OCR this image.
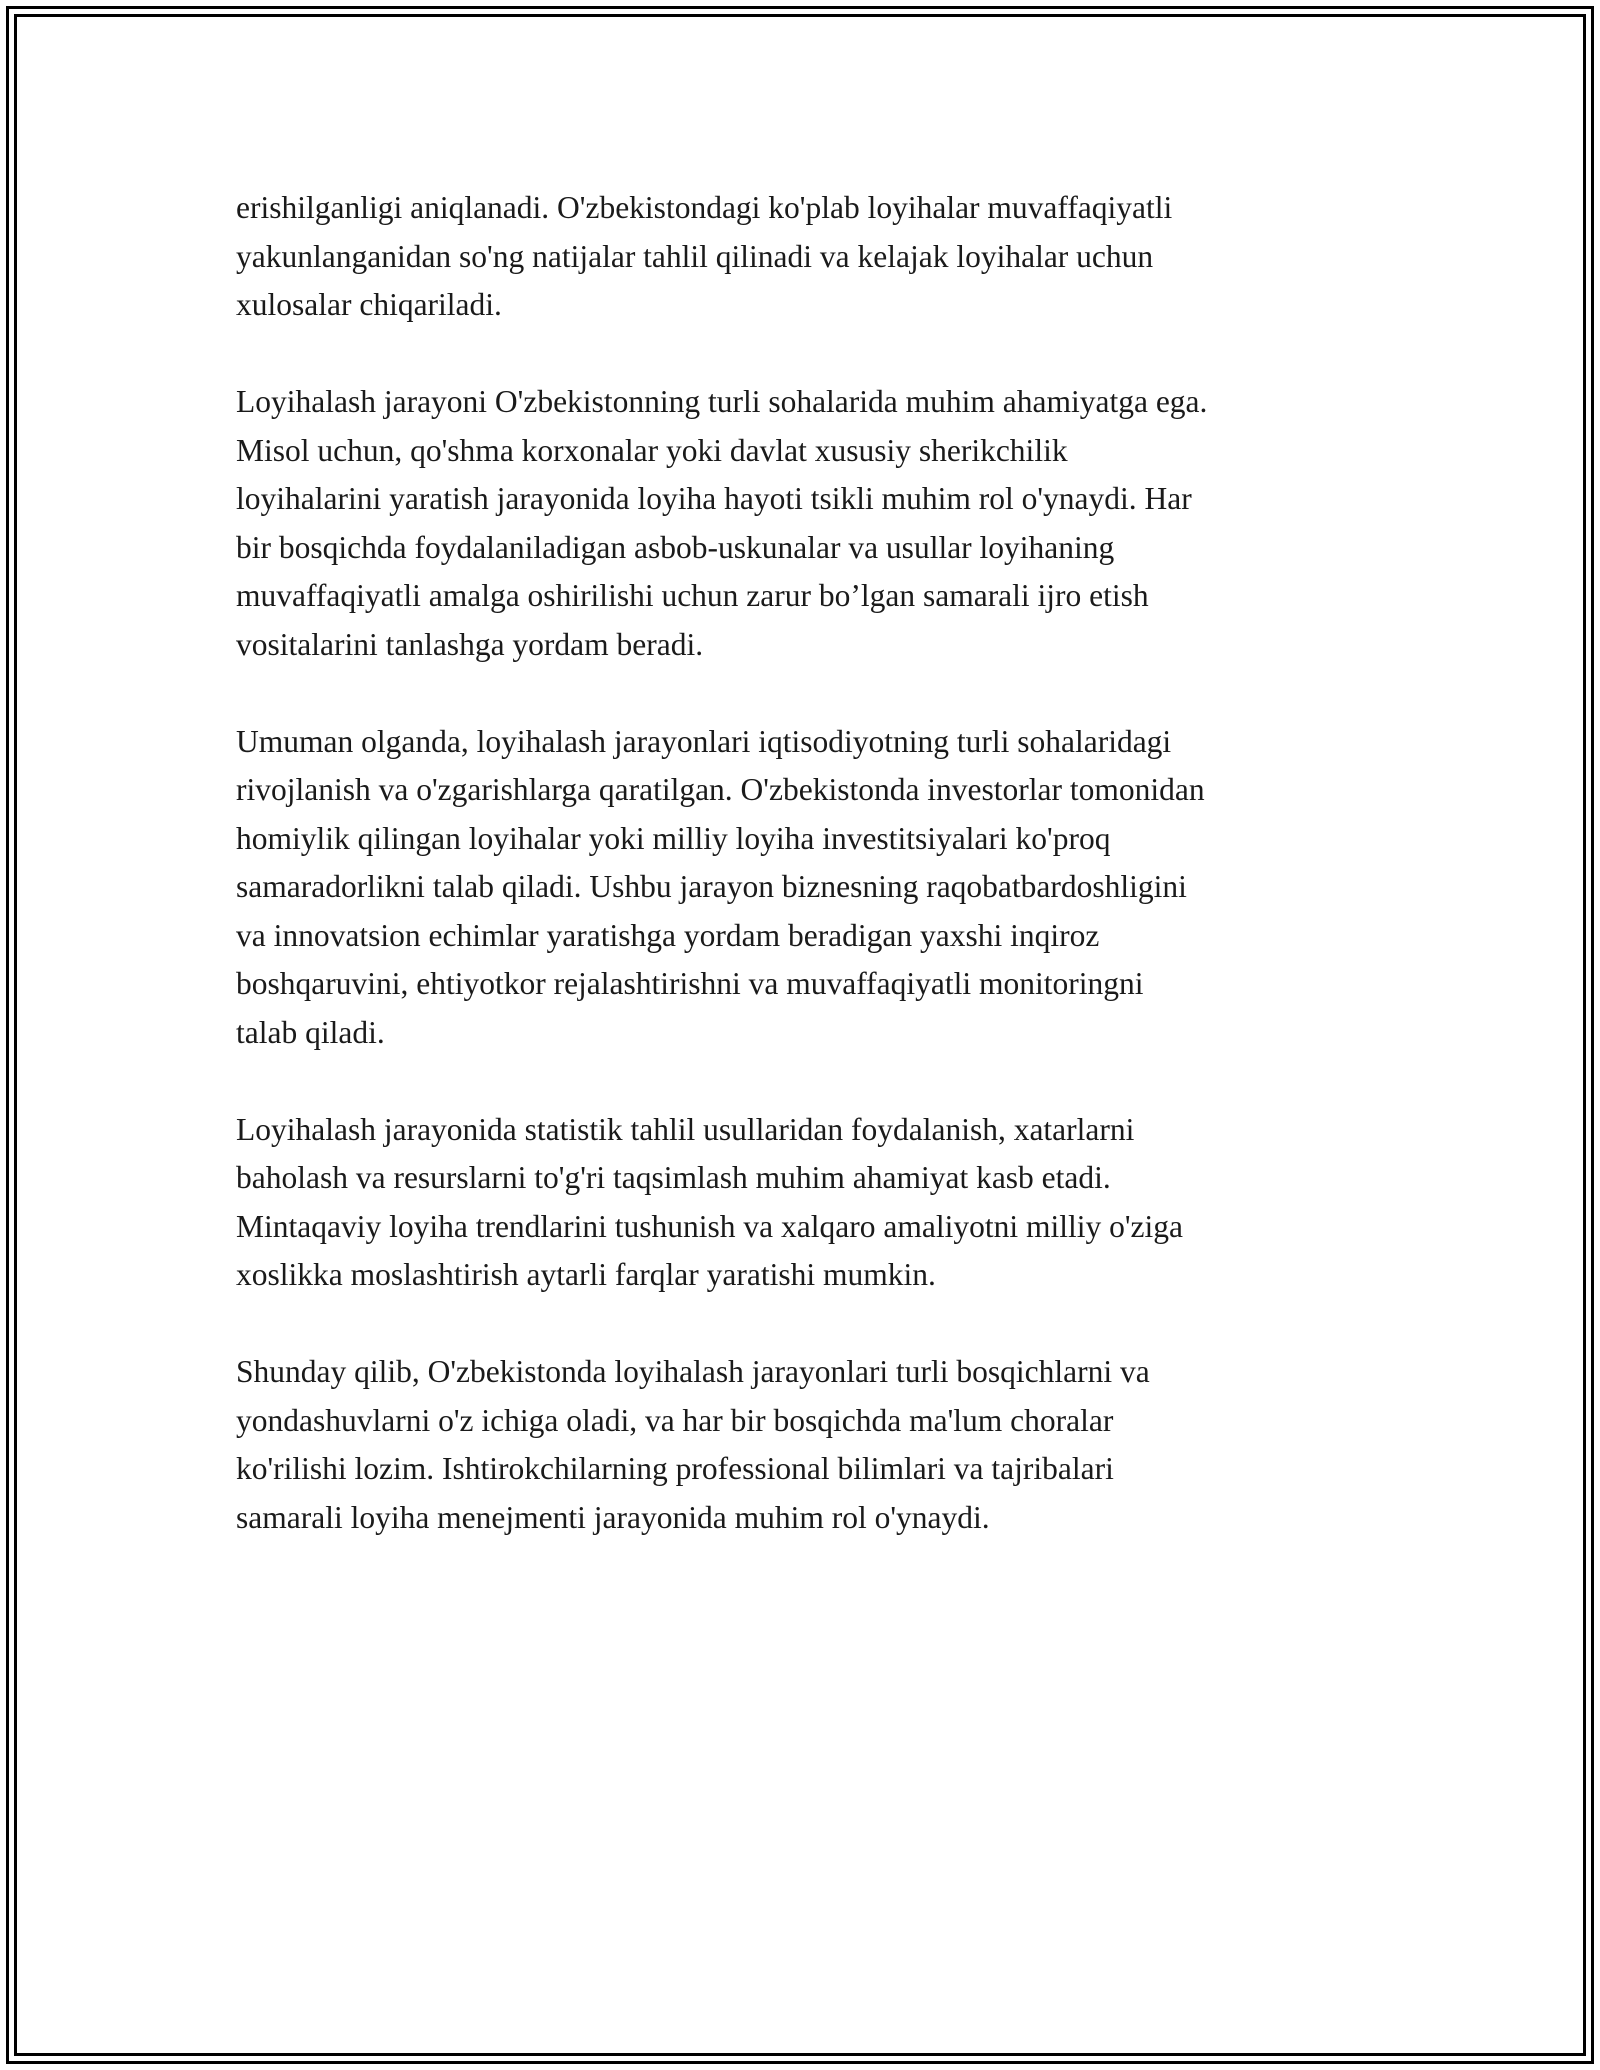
erishilganligi aniqlanadi. O'zbekistondagi ko'plab loyihalar muvaffaqiyatli
yakunlanganidan so'ng natijalar tahlil qilinadi va kelajak loyihalar uchun
xulosalar chiqariladi.

Loyihalash jarayoni O'zbekistonning turli sohalarida muhim ahamiyatga ega.
Misol uchun, qo'shma korxonalar yoki davlat xususiy sherikchilik
loyihalarini yaratish jarayonida loyiha hayoti tsikli muhim rol o'ynaydi. Har
bir bosqichda foydalaniladigan asbob-uskunalar va usullar loyihaning
muvaffaqiyatli amalga oshirilishi uchun zarur bo’lgan samarali ijro etish
vositalarini tanlashga yordam beradi.

Umuman olganda, loyihalash jarayonlari iqtisodiyotning turli sohalaridagi
rivojlanish va o'zgarishlarga qaratilgan. O'zbekistonda investorlar tomonidan
homiylik qilingan loyihalar yoki milliy loyiha investitsiyalari ko'proq
samaradorlikni talab qiladi. Ushbu jarayon biznesning raqobatbardoshligini
va innovatsion echimlar yaratishga yordam beradigan yaxshi inqiroz
boshqaruvini, ehtiyotkor rejalashtirishni va muvaffaqiyatli monitoringni
talab qiladi.

Loyihalash jarayonida statistik tahlil usullaridan foydalanish, xatarlarni
baholash va resurslarni to'g'ri taqsimlash muhim ahamiyat kasb etadi.
Mintaqaviy loyiha trendlarini tushunish va xalqaro amaliyotni milliy o'ziga
xoslikka moslashtirish aytarli farqlar yaratishi mumkin.

Shunday qilib, O'zbekistonda loyihalash jarayonlari turli bosqichlarni va
yondashuvlarni o'z ichiga oladi, va har bir bosqichda ma'lum choralar
ko'rilishi lozim. Ishtirokchilarning professional bilimlari va tajribalari
samarali loyiha menejmenti jarayonida muhim rol o'ynaydi.
